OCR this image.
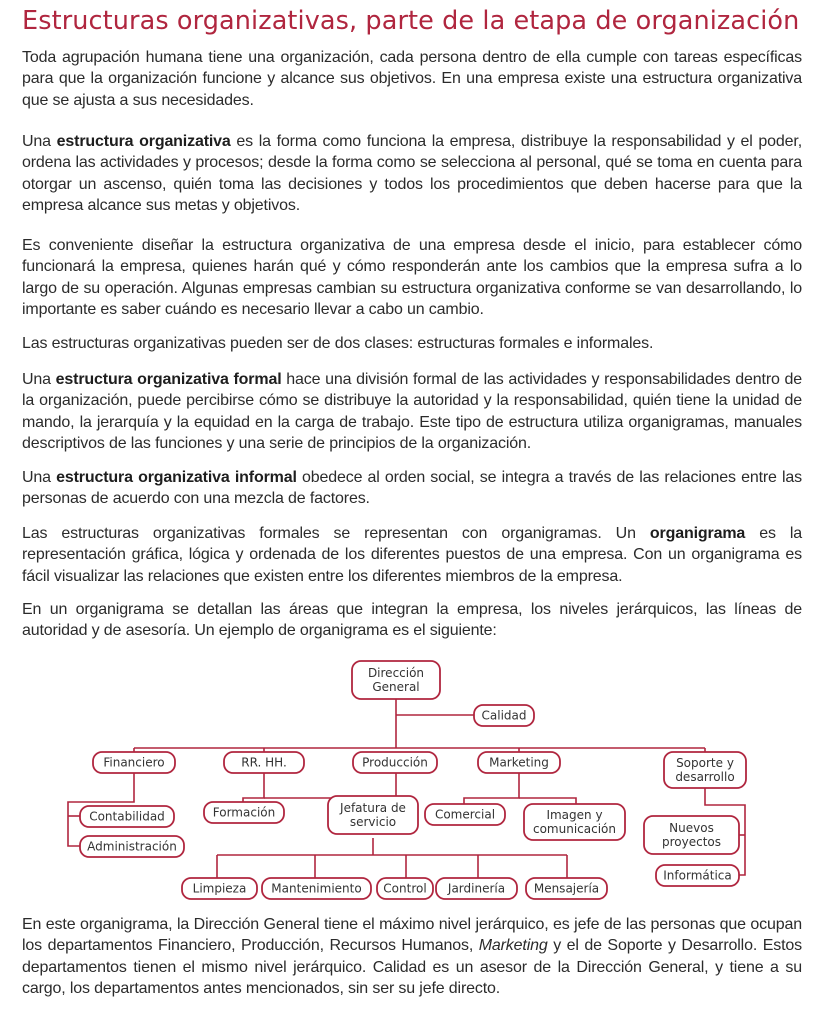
Estructuras organizativas, parte de la etapa de organización

Toda agrupación humana tiene una organización, cada persona dentro de ella cumple con tareas específicas para que la organización funcione y alcance sus objetivos. En una empresa existe una estructura organizativa que se ajusta a sus necesidades.

Una estructura organizativa es la forma como funciona la empresa, distribuye la responsabilidad y el poder, ordena las actividades y procesos; desde la forma como se selecciona al personal, qué se toma en cuenta para otorgar un ascenso, quién toma las decisiones y todos los procedimientos que deben hacerse para que la empresa alcance sus metas y objetivos.

Es conveniente diseñar la estructura organizativa de una empresa desde el inicio, para establecer cómo funcionará la empresa, quienes harán qué y cómo responderán ante los cambios que la empresa sufra a lo largo de su operación. Algunas empresas cambian su estructura organizativa conforme se van desarrollando, lo importante es saber cuándo es necesario llevar a cabo un cambio.

Las estructuras organizativas pueden ser de dos clases: estructuras formales e informales.

Una estructura organizativa formal hace una división formal de las actividades y responsabilidades dentro de la organización, puede percibirse cómo se distribuye la autoridad y la responsabilidad, quién tiene la unidad de mando, la jerarquía y la equidad en la carga de trabajo. Este tipo de estructura utiliza organigramas, manuales descriptivos de las funciones y una serie de principios de la organización.

Una estructura organizativa informal obedece al orden social, se integra a través de las relaciones entre las personas de acuerdo con una mezcla de factores.

Las estructuras organizativas formales se representan con organigramas. Un organigrama es la representación gráfica, lógica y ordenada de los diferentes puestos de una empresa. Con un organigrama es fácil visualizar las relaciones que existen entre los diferentes miembros de la empresa.

En un organigrama se detallan las áreas que integran la empresa, los niveles jerárquicos, las líneas de autoridad y de asesoría. Un ejemplo de organigrama es el siguiente:

Dirección
General
Calidad
Financiero	RR. HH.	Producción	Marketing	Soporte y
desarrollo
Contabilidad
Administración
Formación	Jefatura de
servicio
Comercial	Imagen y
comunicación	Nuevos
proyectos
Informática
Limpieza Mantenimiento Control Jardinería Mensajería

En este organigrama, la Dirección General tiene el máximo nivel jerárquico, es jefe de las personas que ocupan los departamentos Financiero, Producción, Recursos Humanos, Marketing y el de Soporte y Desarrollo. Estos departamentos tienen el mismo nivel jerárquico. Calidad es un asesor de la Dirección General, y tiene a su cargo, los departamentos antes mencionados, sin ser su jefe directo.
